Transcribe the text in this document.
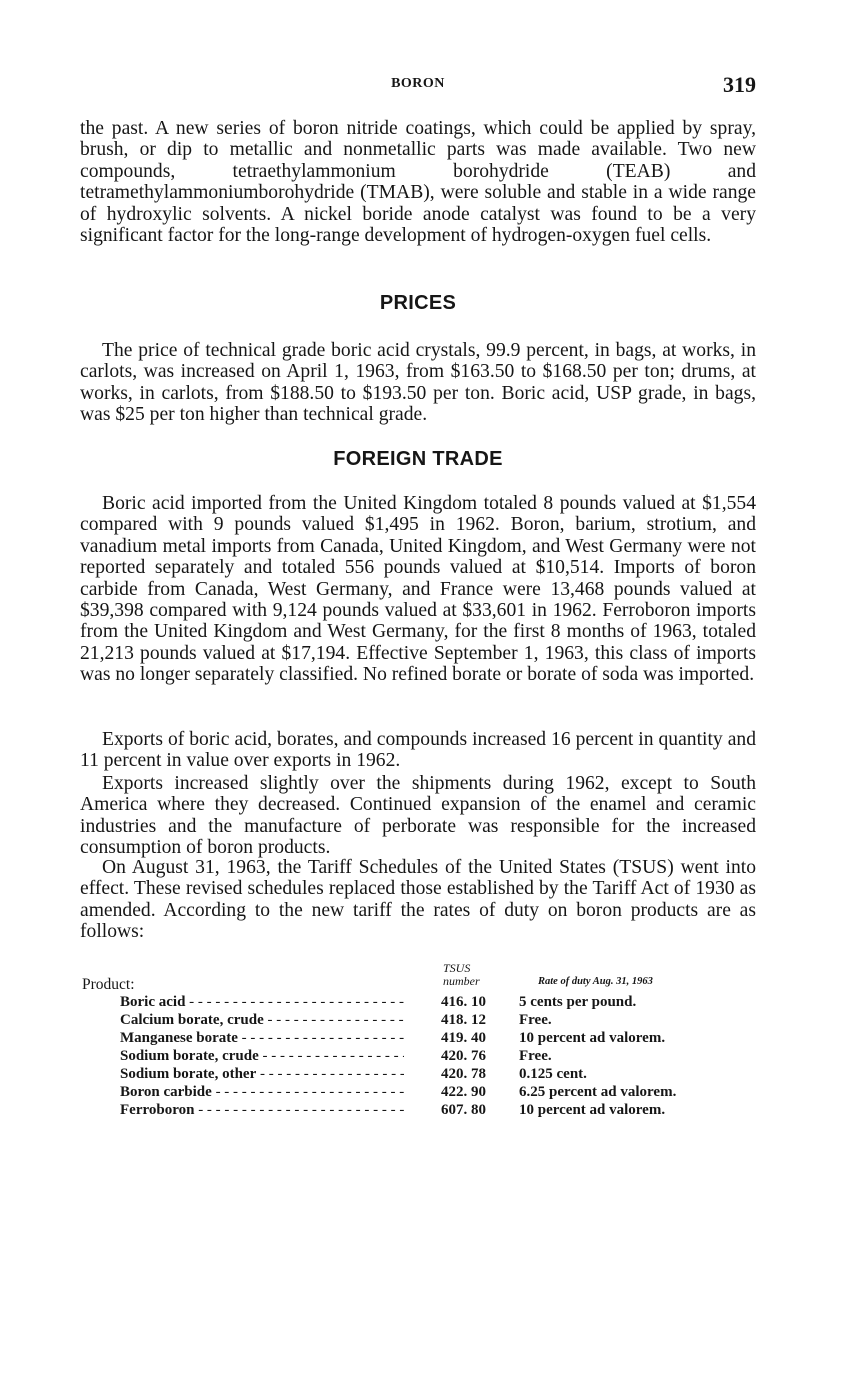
BORON	319

the past. A new series of boron nitride coatings, which could be applied by spray, brush, or dip to metallic and nonmetallic parts was made available. Two new compounds, tetraethylammonium borohydride (TEAB) and tetramethylammoniumborohydride (TMAB), were soluble and stable in a wide range of hydroxylic solvents. A nickel boride anode catalyst was found to be a very significant factor for the long-range development of hydrogen-oxygen fuel cells.

PRICES

The price of technical grade boric acid crystals, 99.9 percent, in bags, at works, in carlots, was increased on April 1, 1963, from $163.50 to $168.50 per ton; drums, at works, in carlots, from $188.50 to $193.50 per ton. Boric acid, USP grade, in bags, was $25 per ton higher than technical grade.

FOREIGN TRADE

Boric acid imported from the United Kingdom totaled 8 pounds valued at $1,554 compared with 9 pounds valued $1,495 in 1962. Boron, barium, strotium, and vanadium metal imports from Canada, United Kingdom, and West Germany were not reported separately and totaled 556 pounds valued at $10,514. Imports of boron carbide from Canada, West Germany, and France were 13,468 pounds valued at $39,398 compared with 9,124 pounds valued at $33,601 in 1962. Ferroboron imports from the United Kingdom and West Germany, for the first 8 months of 1963, totaled 21,213 pounds valued at $17,194. Effective September 1, 1963, this class of imports was no longer separately classified. No refined borate or borate of soda was imported.

Exports of boric acid, borates, and compounds increased 16 percent in quantity and 11 percent in value over exports in 1962.

Exports increased slightly over the shipments during 1962, except to South America where they decreased. Continued expansion of the enamel and ceramic industries and the manufacture of perborate was responsible for the increased consumption of boron products.

On August 31, 1963, the Tariff Schedules of the United States (TSUS) went into effect. These revised schedules replaced those established by the Tariff Act of 1930 as amended. According to the new tariff the rates of duty on boron products are as follows:

Product:
TSUS number	Rate of duty Aug. 31, 1963
Boric acid - - -	416. 10 5 cents per pound.
Calcium borate, crude - - -	418. 12 Free.
Manganese borate - - -	419. 40 10 percent ad valorem.
Sodium borate, crude - - -	420. 76 Free.
Sodium borate, other - - -	420. 78 0.125 cent.
Boron carbide - - -	422. 90 6.25 percent ad valorem.
Ferroboron - - -	607. 80 10 percent ad valorem.
